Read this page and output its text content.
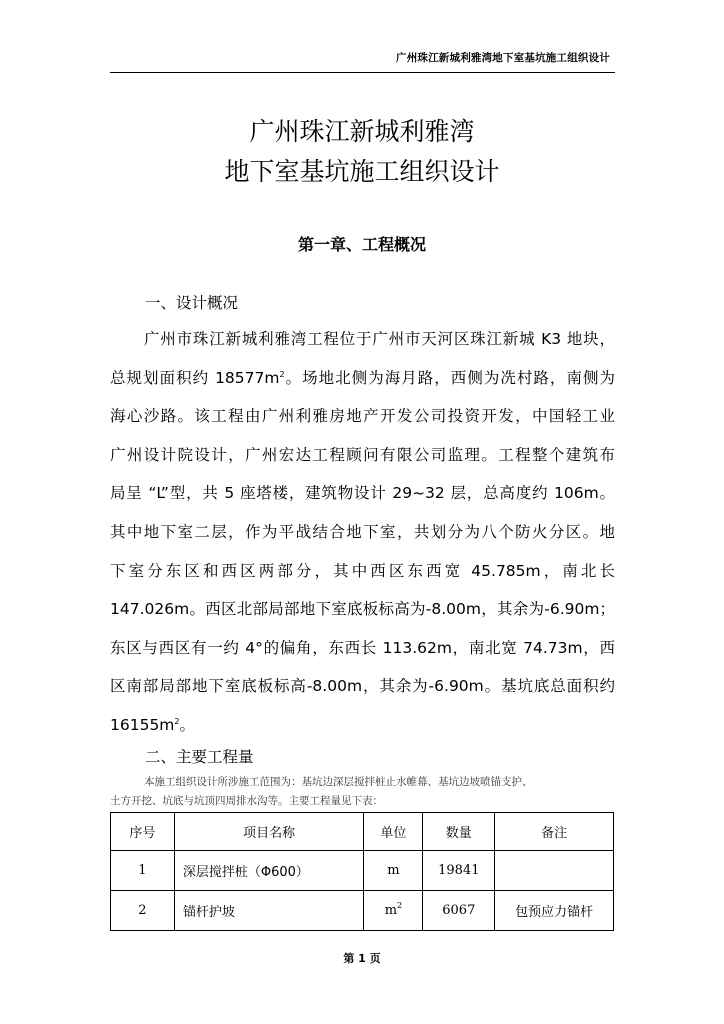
广州珠江新城利雅湾地下室基坑施工组织设计
广州珠江新城利雅湾
地下室基坑施工组织设计
第一章、工程概况
一、设计概况
广州市珠江新城利雅湾工程位于广州市天河区珠江新城 K3 地块，
总规划面积约 $18577m^2$。场地北侧为海月路，西侧为冼村路，南侧为
海心沙路。该工程由广州利雅房地产开发公司投资开发，中国轻工业
广州设计院设计，广州宏达工程顾问有限公司监理。工程整个建筑布
局呈 “L”型，共 5 座塔楼，建筑物设计 29~32 层，总高度约 106m。
其中地下室二层，作为平战结合地下室，共划分为八个防火分区。地
下室分东区和西区两部分，其中西区东西宽 45.785m，南北长
147.026m。西区北部局部地下室底板标高为-8.00m，其余为-6.90m；
东区与西区有一约 4°的偏角，东西长 113.62m，南北宽 74.73m，西
区南部局部地下室底板标高-8.00m，其余为-6.90m。基坑底总面积约
$16155m^2$。
二、主要工程量
本施工组织设计所涉施工范围为：基坑边深层搅拌桩止水帷幕、基坑边坡喷锚支护、
土方开挖、坑底与坑顶四周排水沟等。主要工程量见下表：
序号	项目名称	单位	数量	备注
1	深层搅拌桩（Φ600）	m	19841	
2	锚杆护坡	$m^2$	6067	包预应力锚杆
第 1 页
